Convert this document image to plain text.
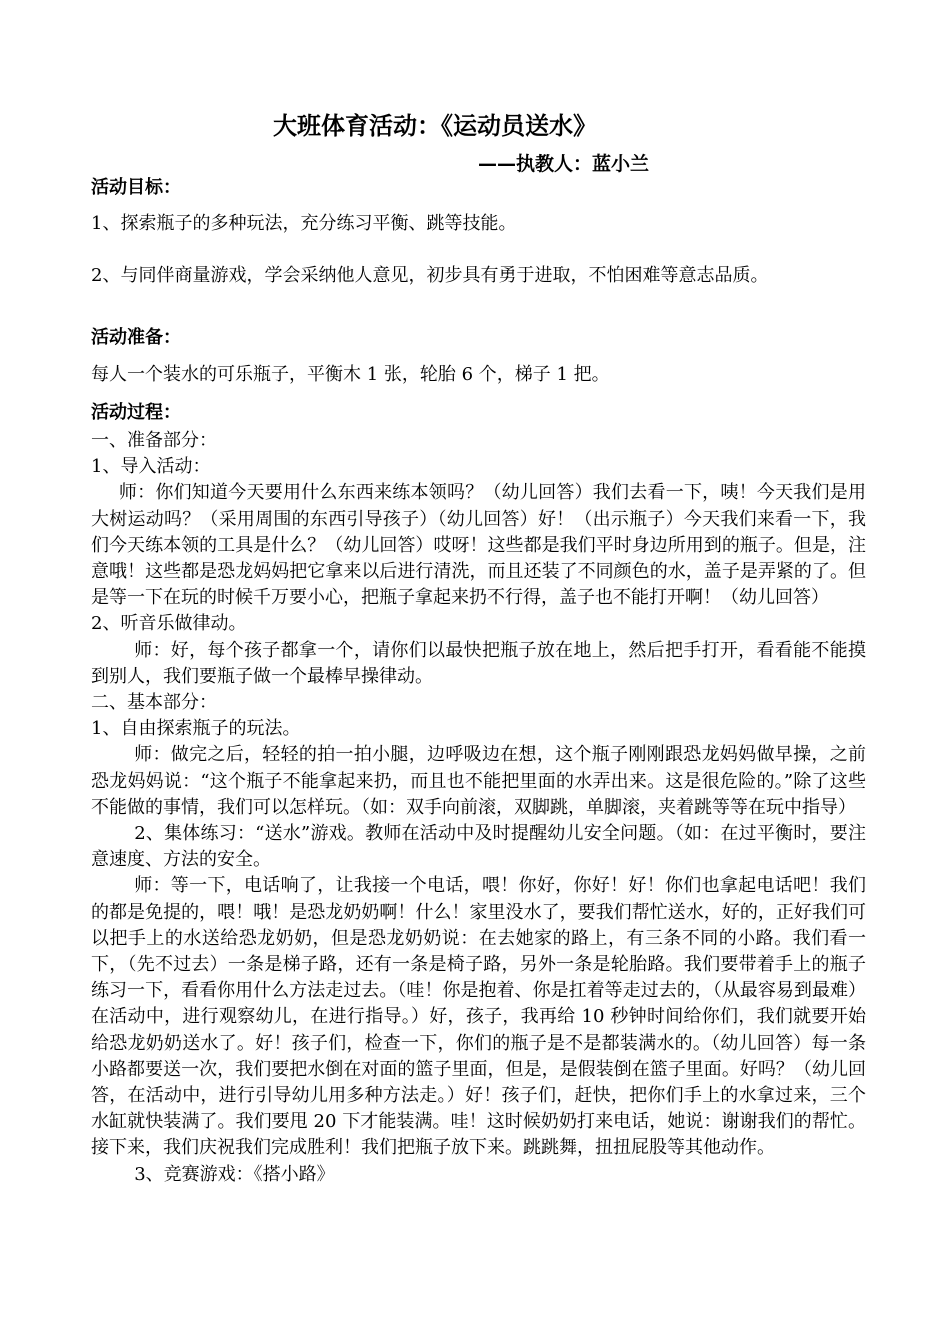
大班体育活动：《运动员送水》
——执教人：蓝小兰
活动目标：
1、探索瓶子的多种玩法，充分练习平衡、跳等技能。
2、与同伴商量游戏，学会采纳他人意见，初步具有勇于进取，不怕困难等意志品质。
活动准备：
每人一个装水的可乐瓶子，平衡木 1 张，轮胎 6 个，梯子 1 把。
活动过程：

一、准备部分：

1、导入活动：

师：你们知道今天要用什么东西来练本领吗？（幼儿回答）我们去看一下，咦！今天我们是用大树运动吗？（采用周围的东西引导孩子）（幼儿回答）好！（出示瓶子）今天我们来看一下，我们今天练本领的工具是什么？（幼儿回答）哎呀！这些都是我们平时身边所用到的瓶子。但是，注意哦！这些都是恐龙妈妈把它拿来以后进行清洗，而且还装了不同颜色的水，盖子是弄紧的了。但是等一下在玩的时候千万要小心，把瓶子拿起来扔不行得，盖子也不能打开啊！（幼儿回答）

2、听音乐做律动。

师：好，每个孩子都拿一个，请你们以最快把瓶子放在地上，然后把手打开，看看能不能摸到别人，我们要瓶子做一个最棒早操律动。

二、基本部分：

1、自由探索瓶子的玩法。

师：做完之后，轻轻的拍一拍小腿，边呼吸边在想，这个瓶子刚刚跟恐龙妈妈做早操，之前恐龙妈妈说：“这个瓶子不能拿起来扔，而且也不能把里面的水弄出来。这是很危险的。”除了这些不能做的事情，我们可以怎样玩。（如：双手向前滚，双脚跳，单脚滚，夹着跳等等在玩中指导）

2、集体练习：“送水”游戏。教师在活动中及时提醒幼儿安全问题。（如：在过平衡时，要注意速度、方法的安全。

师：等一下，电话响了，让我接一个电话，喂！你好，你好！好！你们也拿起电话吧！我们的都是免提的，喂！哦！是恐龙奶奶啊！什么！家里没水了，要我们帮忙送水，好的，正好我们可以把手上的水送给恐龙奶奶，但是恐龙奶奶说：在去她家的路上，有三条不同的小路。我们看一下，（先不过去）一条是梯子路，还有一条是椅子路，另外一条是轮胎路。我们要带着手上的瓶子练习一下，看看你用什么方法走过去。（哇！你是抱着、你是扛着等走过去的，（从最容易到最难）在活动中，进行观察幼儿，在进行指导。）好，孩子，我再给 10 秒钟时间给你们，我们就要开始给恐龙奶奶送水了。好！孩子们，检查一下，你们的瓶子是不是都装满水的。（幼儿回答）每一条小路都要送一次，我们要把水倒在对面的篮子里面，但是，是假装倒在篮子里面。好吗？（幼儿回答，在活动中，进行引导幼儿用多种方法走。）好！孩子们，赶快，把你们手上的水拿过来，三个水缸就快装满了。我们要甩 20 下才能装满。哇！这时候奶奶打来电话，她说：谢谢我们的帮忙。接下来，我们庆祝我们完成胜利！我们把瓶子放下来。跳跳舞，扭扭屁股等其他动作。

3、竞赛游戏：《搭小路》
